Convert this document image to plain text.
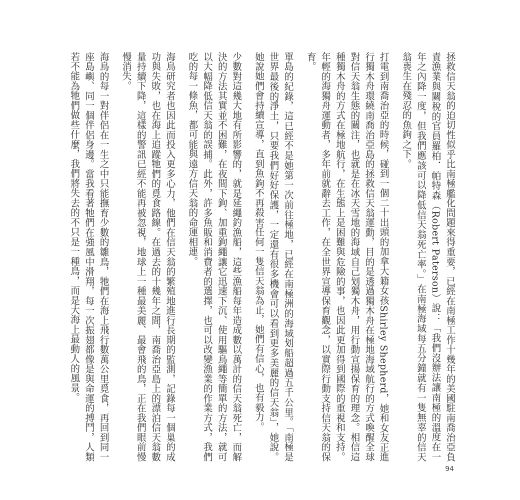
拯救信天翁的迫切性似乎比南極艦化問題來得重要，已經在南極工作十幾年的美國駐南喬治亞負責漁業與關稅的官員羅柏．帕特森（Robert Paterson）說：「我們沒辦法讓南極的溫度在一年之內降一度，但我們應該可以降低信天翁死亡率。」在南極海域每五分鐘就有一隻無辜的信天翁喪生在殘忍的魚鉤之下。

打電到南喬治亞的時候，碰到一個二十出頭的加拿大籍女孩Shirley Shepherd，她和女友正進行獨木舟環繞南喬治亞島的拯救信天翁運動，目的是透過獨木舟在極地海域航行的方式喚醒全球對信天翁生態的關注，也就是在冰天雪地的海域自己划獨木舟，用行動宣揚保育的理念。相信這種獨木舟的方式在極地航行，在生態上是困難與危險的事，也因此更加得到國際的重視和支持。年輕的海獨舟運動者，多年前就辭去工作，在全世界宣導保育觀念，以實際行動支持信天翁的保育。

單島的紀錄，這已經不是她第一次前往極地，已經在南極洲的海域划船超過五千公里。「南極是世界最後的淨土，只要我們好好保護，一定還有很多機會可以看到更多美麗的信天翁」，她說。她說她們會持續宣導，直到魚鉤不再殺害任何一隻信天翁為止，她們有信心，也有毅力。

少數對這幾大地有所影響的，就是延繩釣漁船，這些漁船每年造成數以萬計的信天翁死亡，而解決的方法其實並不困難，在夜間下鉤、加重鉤繩讓它迅速下沉、使用驅鳥繩等簡單的方法，就可以大幅降低信天翁的誤捕。此外，許多魚販和消費者的選擇，也可以改變漁業的作業方式，我們吃的每一條魚，都可能與遠方信天翁的命運相連。

海鳥研究者也因此而投入更多心力，他們在信天翁的繁殖地進行長期的監測，記錄每一個巢的成功與失敗，也在海上追蹤牠們的覓食路線。在過去的十幾年之間，南喬治亞島上的漂泊信天翁數量持續下降，這樣的警訊已經不能再被忽視，地球上一種最美麗、最會飛的鳥，正在我們眼前慢慢消失。

海鳥的每一對伴侶在一生之中只能撫育少數的雛鳥，牠們在海上飛行數萬公里覓食，再回到同一座島嶼、同一個伴侶身邊。當我看著牠們在強風中滑翔，每一次振翅都像是與命運的搏鬥，人類若不能為牠們做些什麼，我們將失去的不只是一種鳥，而是大海上最動人的風景。

94
